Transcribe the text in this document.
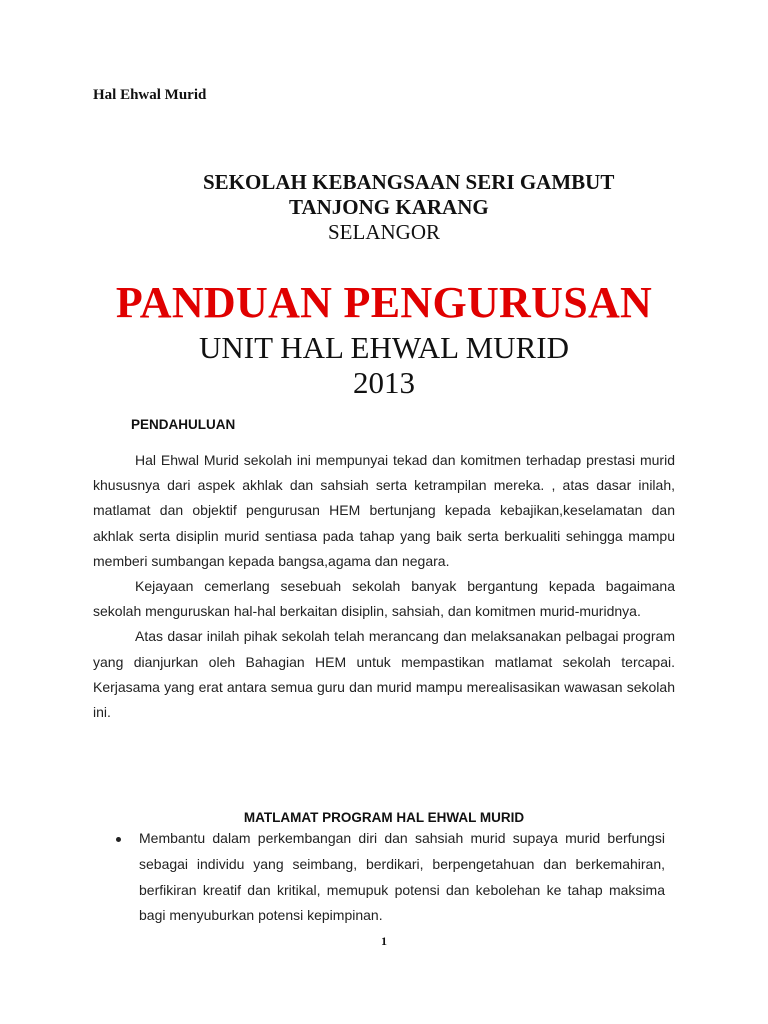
Hal Ehwal Murid
SEKOLAH KEBANGSAAN SERI GAMBUT
TANJONG KARANG
SELANGOR
PANDUAN PENGURUSAN
UNIT HAL EHWAL MURID
2013
PENDAHULUAN

Hal Ehwal Murid sekolah ini mempunyai tekad dan komitmen terhadap prestasi murid khususnya dari aspek akhlak dan sahsiah serta ketrampilan mereka. , atas dasar inilah, matlamat dan objektif pengurusan HEM bertunjang kepada kebajikan,keselamatan dan akhlak serta disiplin murid sentiasa pada tahap yang baik serta berkualiti sehingga mampu memberi sumbangan kepada bangsa,agama dan negara.

Kejayaan cemerlang sesebuah sekolah banyak bergantung kepada bagaimana sekolah menguruskan hal-hal berkaitan disiplin, sahsiah, dan komitmen murid-muridnya.

Atas dasar inilah pihak sekolah telah merancang dan melaksanakan pelbagai program yang dianjurkan oleh Bahagian HEM untuk mempastikan matlamat sekolah tercapai. Kerjasama yang erat antara semua guru dan murid mampu merealisasikan wawasan sekolah ini.

MATLAMAT PROGRAM HAL EHWAL MURID
Membantu dalam perkembangan diri dan sahsiah murid supaya murid berfungsi sebagai individu yang seimbang, berdikari, berpengetahuan dan berkemahiran, berfikiran kreatif dan kritikal, memupuk potensi dan kebolehan ke tahap maksima bagi menyuburkan potensi kepimpinan.
1
